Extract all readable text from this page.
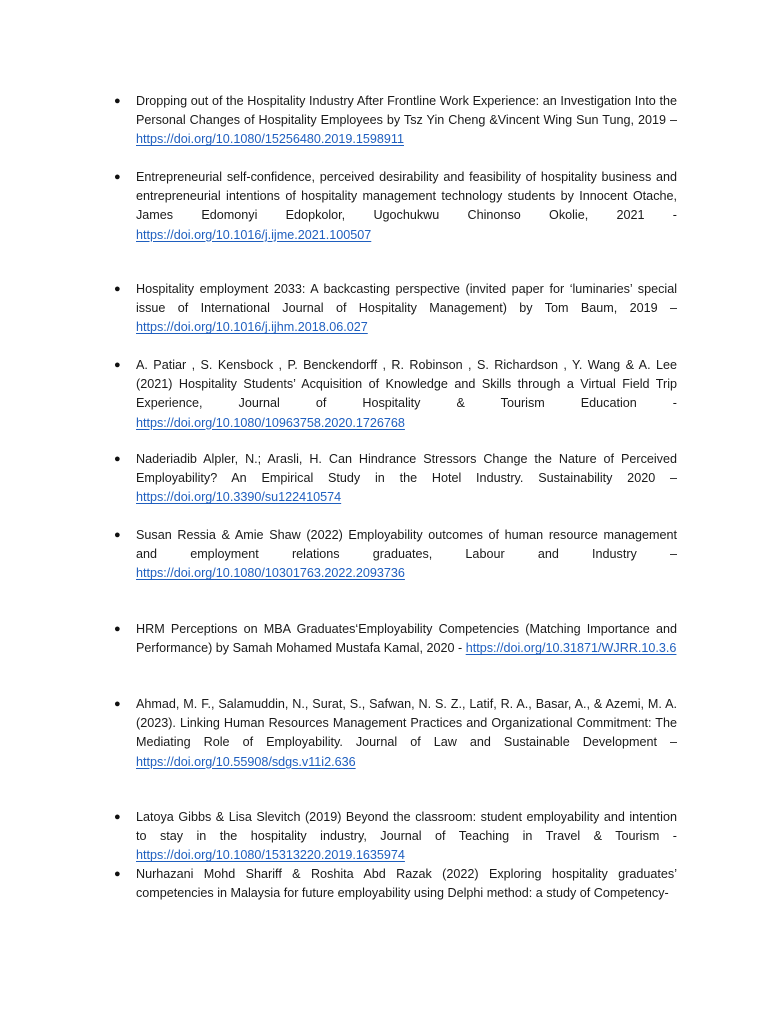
● Dropping out of the Hospitality Industry After Frontline Work Experience: an Investigation Into the Personal Changes of Hospitality Employees by Tsz Yin Cheng &Vincent Wing Sun Tung, 2019 – https://doi.org/10.1080/15256480.2019.1598911
● Entrepreneurial self-confidence, perceived desirability and feasibility of hospitality business and entrepreneurial intentions of hospitality management technology students by Innocent Otache, James Edomonyi Edopkolor, Ugochukwu Chinonso Okolie, 2021 - https://doi.org/10.1016/j.ijme.2021.100507
● Hospitality employment 2033: A backcasting perspective (invited paper for ‘luminaries’ special issue of International Journal of Hospitality Management) by Tom Baum, 2019 – https://doi.org/10.1016/j.ijhm.2018.06.027
● A. Patiar , S. Kensbock , P. Benckendorff , R. Robinson , S. Richardson , Y. Wang & A. Lee (2021) Hospitality Students’ Acquisition of Knowledge and Skills through a Virtual Field Trip Experience, Journal of Hospitality & Tourism Education - https://doi.org/10.1080/10963758.2020.1726768
● Naderiadib Alpler, N.; Arasli, H. Can Hindrance Stressors Change the Nature of Perceived Employability? An Empirical Study in the Hotel Industry. Sustainability 2020 – https://doi.org/10.3390/su122410574
● Susan Ressia & Amie Shaw (2022) Employability outcomes of human resource management and employment relations graduates, Labour and Industry – https://doi.org/10.1080/10301763.2022.2093736
● HRM Perceptions on MBA Graduates‘Employability Competencies (Matching Importance and Performance) by Samah Mohamed Mustafa Kamal, 2020 - https://doi.org/10.31871/WJRR.10.3.6
● Ahmad, M. F., Salamuddin, N., Surat, S., Safwan, N. S. Z., Latif, R. A., Basar, A., & Azemi, M. A. (2023). Linking Human Resources Management Practices and Organizational Commitment: The Mediating Role of Employability. Journal of Law and Sustainable Development – https://doi.org/10.55908/sdgs.v11i2.636
● Latoya Gibbs & Lisa Slevitch (2019) Beyond the classroom: student employability and intention to stay in the hospitality industry, Journal of Teaching in Travel & Tourism - https://doi.org/10.1080/15313220.2019.1635974
● Nurhazani Mohd Shariff & Roshita Abd Razak (2022) Exploring hospitality graduates’ competencies in Malaysia for future employability using Delphi method: a study of Competency-
